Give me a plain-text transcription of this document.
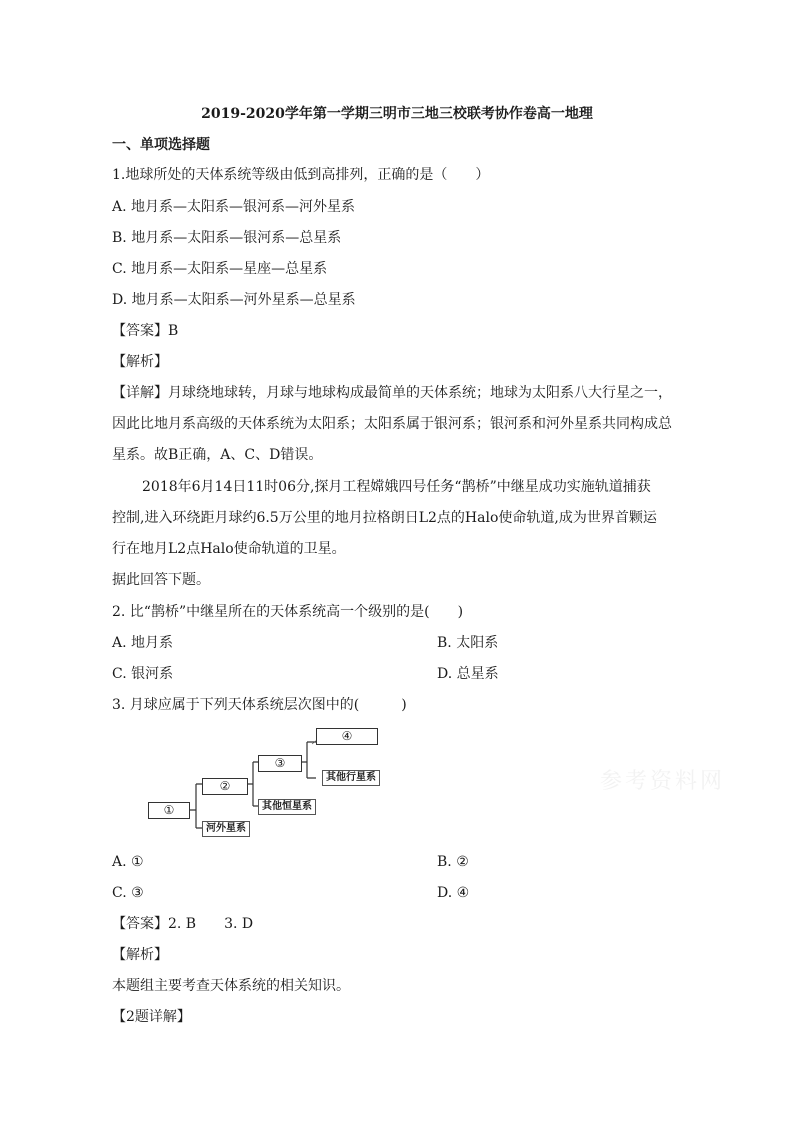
2019-2020学年第一学期三明市三地三校联考协作卷高一地理
一、单项选择题
1.地球所处的天体系统等级由低到高排列，正确的是（　　）
A. 地月系—太阳系—银河系—河外星系
B. 地月系—太阳系—银河系—总星系
C. 地月系—太阳系—星座—总星系
D. 地月系—太阳系—河外星系—总星系
【答案】B
【解析】
【详解】月球绕地球转，月球与地球构成最简单的天体系统；地球为太阳系八大行星之一，
因此比地月系高级的天体系统为太阳系；太阳系属于银河系；银河系和河外星系共同构成总
星系。故B正确，A、C、D错误。
2018年6月14日11时06分,探月工程嫦娥四号任务“鹊桥”中继星成功实施轨道捕获
控制,进入环绕距月球约6.5万公里的地月拉格朗日L2点的Halo使命轨道,成为世界首颗运
行在地月L2点Halo使命轨道的卫星。
据此回答下题。
2. 比“鹊桥”中继星所在的天体系统高一个级别的是(　　)
A. 地月系	B. 太阳系
C. 银河系	D. 总星系
3. 月球应属于下列天体系统层次图中的(　　　)
①
②
③
④
河外星系
其他恒星系
其他行星系	参考资料网
A. ①	B. ②
C. ③	D. ④
【答案】2. B　　3. D
【解析】
本题组主要考查天体系统的相关知识。
【2题详解】
